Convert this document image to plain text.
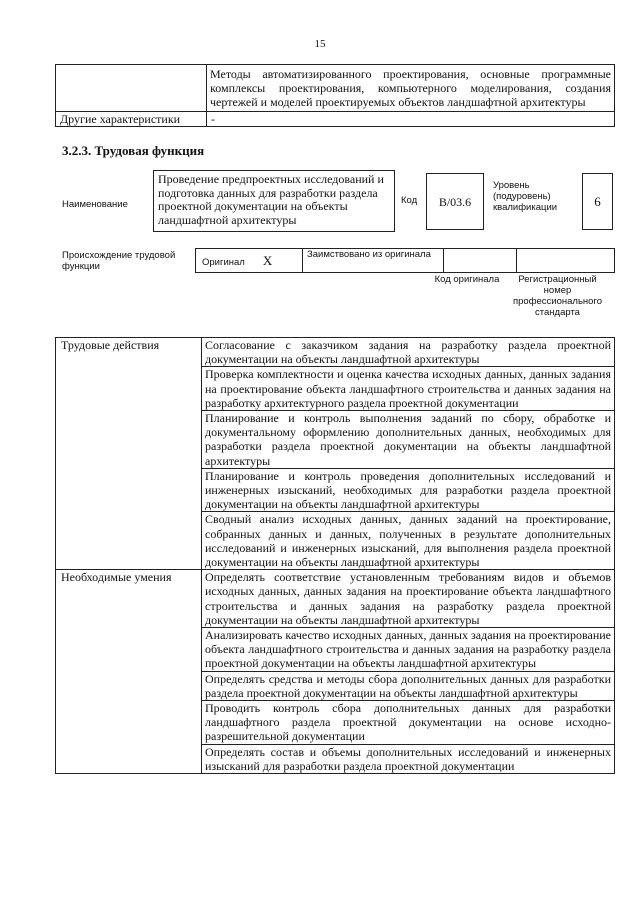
15
	Методы автоматизированного проектирования, основные программные комплексы проектирования, компьютерного моделирования, создания чертежей и моделей проектируемых объектов ландшафтной архитектуры
Другие характеристики	-
3.2.3. Трудовая функция
Наименование
Проведение предпроектных исследований и подготовка данных для разработки раздела проектной документации на объекты ландшафтной архитектуры
Код	B/03.6
Уровень (подуровень) квалификации	6
Происхождение трудовой функции	Оригинал X	Заимствовано из оригинала		
Код оригинала	Регистрационный номер профессионального стандарта
Трудовые действия	Согласование с заказчиком задания на разработку раздела проектной документации на объекты ландшафтной архитектуры
	Проверка комплектности и оценка качества исходных данных, данных задания на проектирование объекта ландшафтного строительства и данных задания на разработку архитектурного раздела проектной документации
	Планирование и контроль выполнения заданий по сбору, обработке и документальному оформлению дополнительных данных, необходимых для разработки раздела проектной документации на объекты ландшафтной архитектуры
	Планирование и контроль проведения дополнительных исследований и инженерных изысканий, необходимых для разработки раздела проектной документации на объекты ландшафтной архитектуры
	Сводный анализ исходных данных, данных заданий на проектирование, собранных данных и данных, полученных в результате дополнительных исследований и инженерных изысканий, для выполнения раздела проектной документации на объекты ландшафтной архитектуры
Необходимые умения	Определять соответствие установленным требованиям видов и объемов исходных данных, данных задания на проектирование объекта ландшафтного строительства и данных задания на разработку раздела проектной документации на объекты ландшафтной архитектуры
	Анализировать качество исходных данных, данных задания на проектирование объекта ландшафтного строительства и данных задания на разработку раздела проектной документации на объекты ландшафтной архитектуры
	Определять средства и методы сбора дополнительных данных для разработки раздела проектной документации на объекты ландшафтной архитектуры
	Проводить контроль сбора дополнительных данных для разработки ландшафтного раздела проектной документации на основе исходно-разрешительной документации
	Определять состав и объемы дополнительных исследований и инженерных изысканий для разработки раздела проектной документации
